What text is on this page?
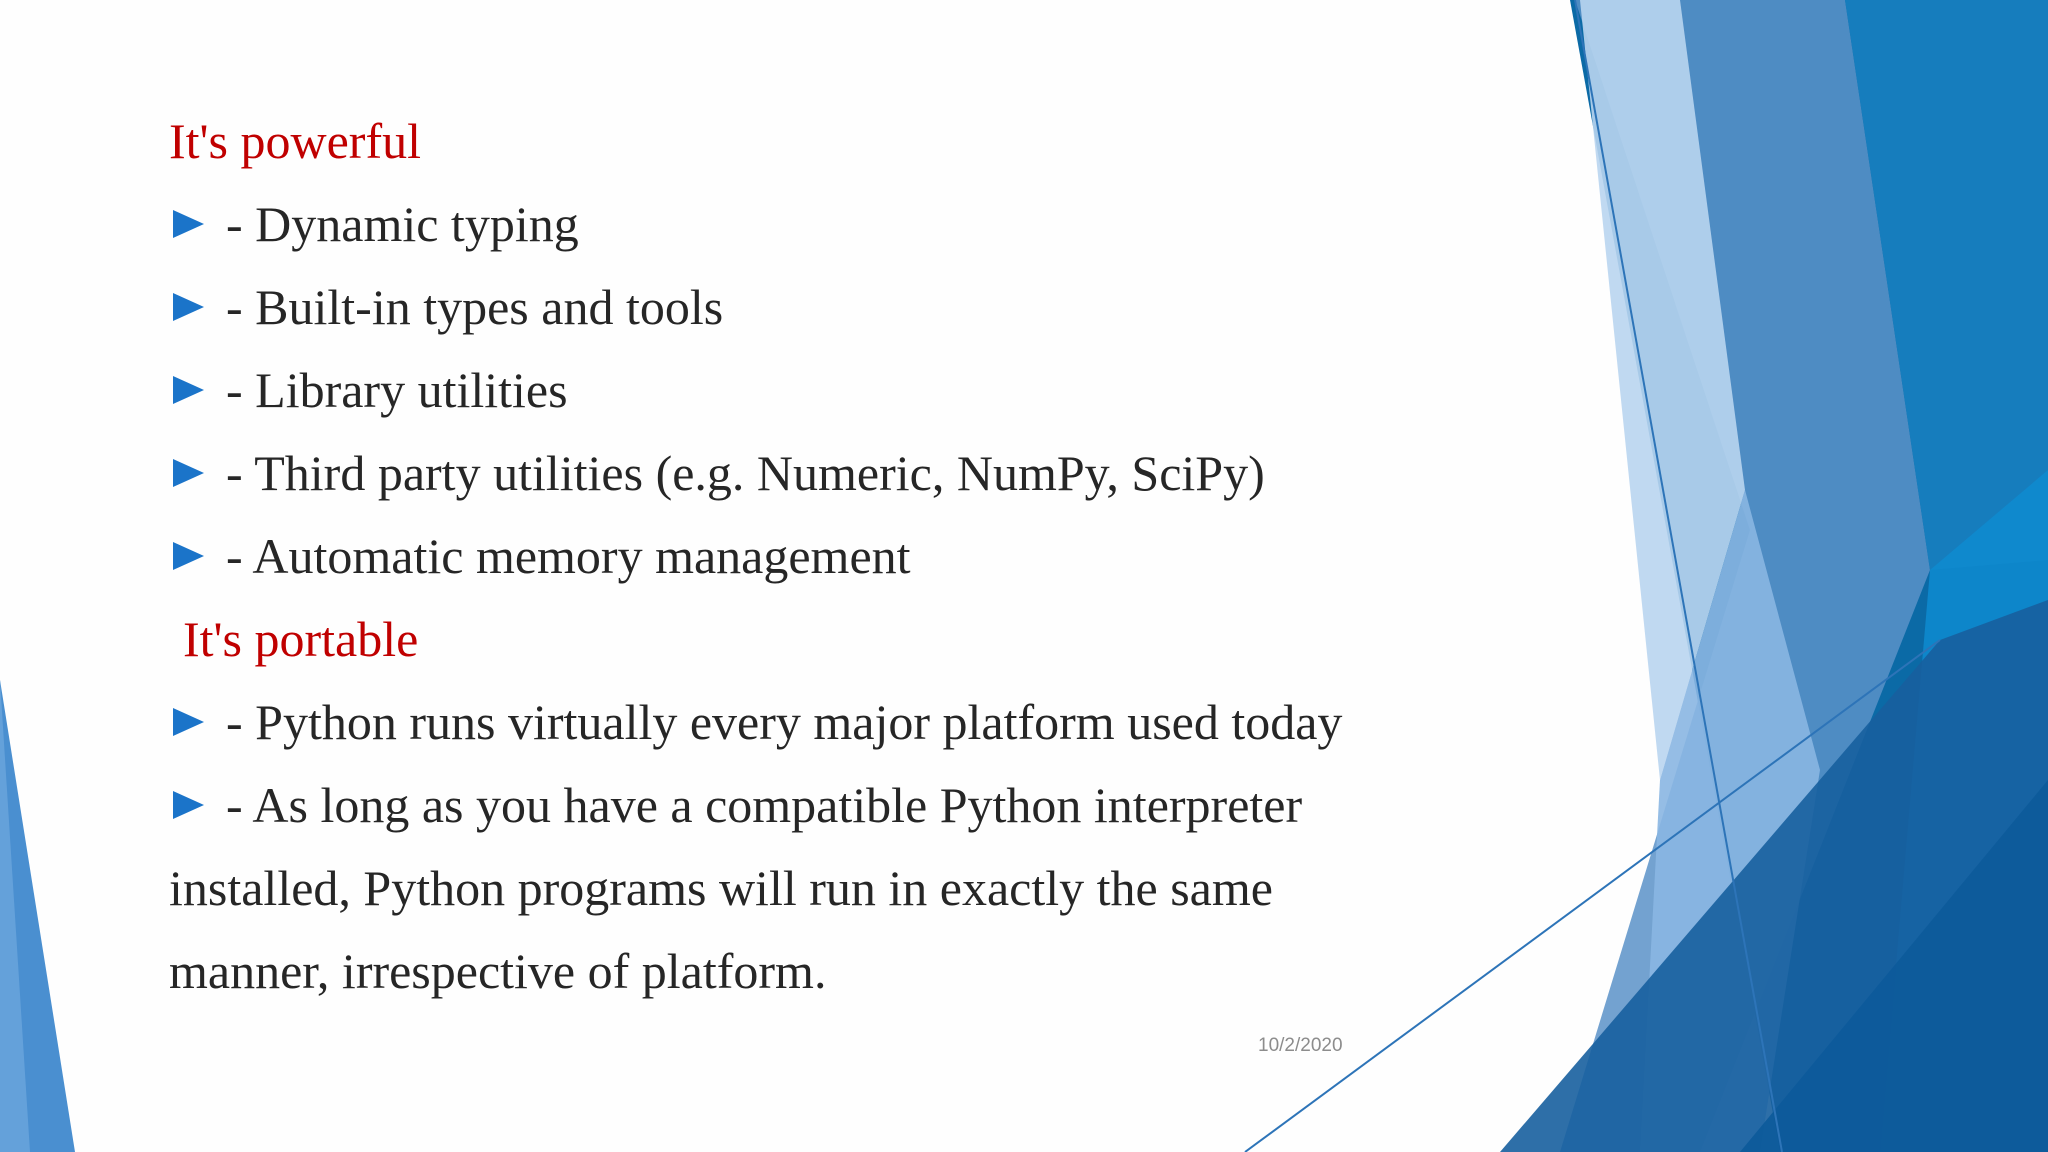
It's powerful
- Dynamic typing
- Built-in types and tools
- Library utilities
- Third party utilities (e.g. Numeric, NumPy, SciPy)
- Automatic memory management
It's portable
- Python runs virtually every major platform used today
- As long as you have a compatible Python interpreter
installed, Python programs will run in exactly the same
manner, irrespective of platform.
10/2/2020
